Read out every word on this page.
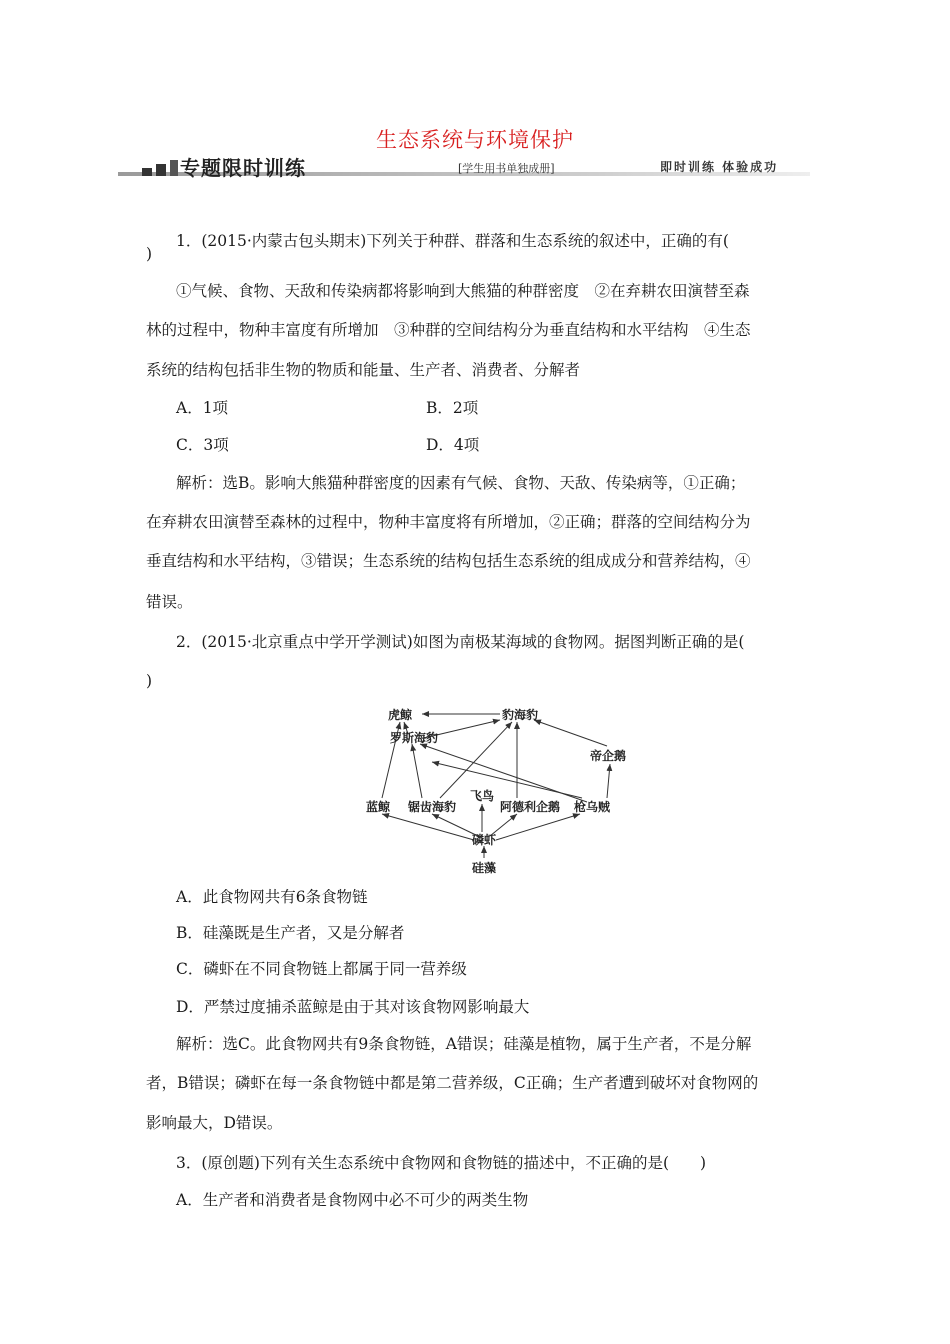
生态系统与环境保护
专题限时训练	[学生用书单独成册]	即时训练 体验成功
1．(2015·内蒙古包头期末)下列关于种群、群落和生态系统的叙述中，正确的有(
)
①气候、食物、天敌和传染病都将影响到大熊猫的种群密度　②在弃耕农田演替至森
林的过程中，物种丰富度有所增加　③种群的空间结构分为垂直结构和水平结构　④生态
系统的结构包括非生物的物质和能量、生产者、消费者、分解者
A．1项	B．2项
C．3项	D．4项
解析：选B。影响大熊猫种群密度的因素有气候、食物、天敌、传染病等，①正确；
在弃耕农田演替至森林的过程中，物种丰富度将有所增加，②正确；群落的空间结构分为
垂直结构和水平结构，③错误；生态系统的结构包括生态系统的组成成分和营养结构，④
错误。
2．(2015·北京重点中学开学测试)如图为南极某海域的食物网。据图判断正确的是(
)
虎鲸	豹海豹
罗斯海豹
帝企鹅
飞鸟
蓝鲸 锯齿海豹	阿德利企鹅 枪乌贼
磷虾
硅藻
A．此食物网共有6条食物链
B．硅藻既是生产者，又是分解者
C．磷虾在不同食物链上都属于同一营养级
D．严禁过度捕杀蓝鲸是由于其对该食物网影响最大
解析：选C。此食物网共有9条食物链，A错误；硅藻是植物，属于生产者，不是分解
者，B错误；磷虾在每一条食物链中都是第二营养级，C正确；生产者遭到破坏对食物网的
影响最大，D错误。
3．(原创题)下列有关生态系统中食物网和食物链的描述中，不正确的是(　　)
A．生产者和消费者是食物网中必不可少的两类生物
